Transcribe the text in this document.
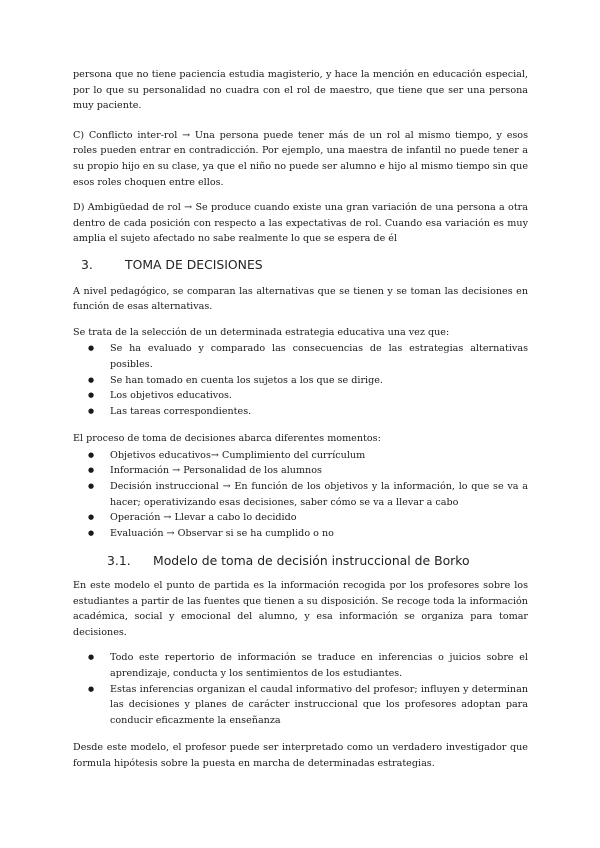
persona que no tiene paciencia estudia magisterio, y hace la mención en educación especial, por lo que su personalidad no cuadra con el rol de maestro, que tiene que ser una persona muy paciente.

C) Conflicto inter-rol → Una persona puede tener más de un rol al mismo tiempo, y esos roles pueden entrar en contradicción. Por ejemplo, una maestra de infantil no puede tener a su propio hijo en su clase, ya que el niño no puede ser alumno e hijo al mismo tiempo sin que esos roles choquen entre ellos.

D) Ambigüedad de rol → Se produce cuando existe una gran variación de una persona a otra dentro de cada posición con respecto a las expectativas de rol. Cuando esa variación es muy amplia el sujeto afectado no sabe realmente lo que se espera de él

3.	TOMA DE DECISIONES

A nivel pedagógico, se comparan las alternativas que se tienen y se toman las decisiones en función de esas alternativas.

Se trata de la selección de un determinada estrategia educativa una vez que:

● Se ha evaluado y comparado las consecuencias de las estrategias alternativas posibles.
● Se han tomado en cuenta los sujetos a los que se dirige.
● Los objetivos educativos.
● Las tareas correspondientes.

El proceso de toma de decisiones abarca diferentes momentos:

● Objetivos educativos→ Cumplimiento del currículum
● Información → Personalidad de los alumnos
● Decisión instruccional → En función de los objetivos y la información, lo que se va a hacer; operativizando esas decisiones, saber cómo se va a llevar a cabo
● Operación → Llevar a cabo lo decidido
● Evaluación → Observar si se ha cumplido o no
3.1.	Modelo de toma de decisión instruccional de Borko

En este modelo el punto de partida es la información recogida por los profesores sobre los estudiantes a partir de las fuentes que tienen a su disposición. Se recoge toda la información académica, social y emocional del alumno, y esa información se organiza para tomar decisiones.

● Todo este repertorio de información se traduce en inferencias o juicios sobre el aprendizaje, conducta y los sentimientos de los estudiantes.
● Estas inferencias organizan el caudal informativo del profesor; influyen y determinan las decisiones y planes de carácter instruccional que los profesores adoptan para conducir eficazmente la enseñanza

Desde este modelo, el profesor puede ser interpretado como un verdadero investigador que formula hipótesis sobre la puesta en marcha de determinadas estrategias.
